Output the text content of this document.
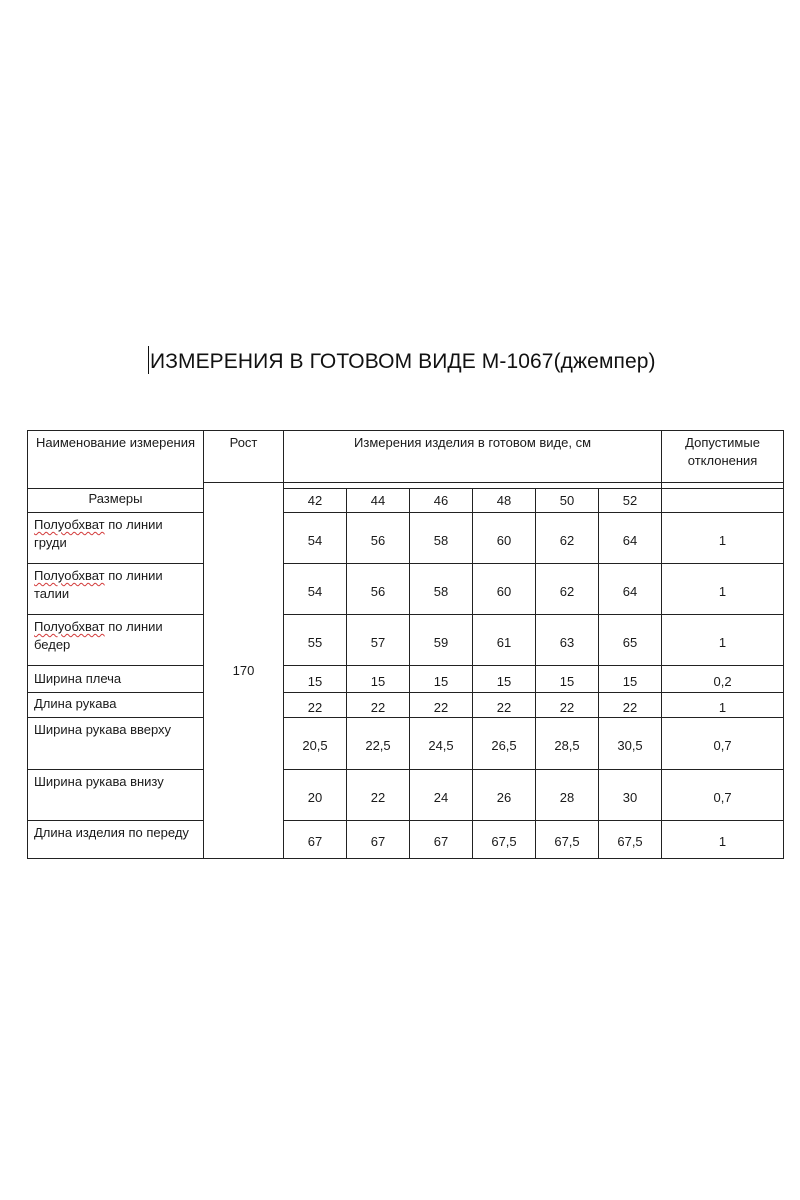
ИЗМЕРЕНИЯ В ГОТОВОМ ВИДЕ М-1067(джемпер)
Наименование измерения	Рост	Измерения изделия в готовом виде, см						Допустимые отклонения
	170							
Размеры		42	44	46	48	50	52	
Полуобхват по линии груди		54	56	58	60	62	64	1
Полуобхват по линии талии		54	56	58	60	62	64	1
Полуобхват по линии бедер		55	57	59	61	63	65	1
Ширина плеча		15	15	15	15	15	15	0,2
Длина рукава		22	22	22	22	22	22	1
Ширина рукава вверху		20,5	22,5	24,5	26,5	28,5	30,5	0,7
Ширина рукава внизу		20	22	24	26	28	30	0,7
Длина изделия по переду		67	67	67	67,5	67,5	67,5	1
